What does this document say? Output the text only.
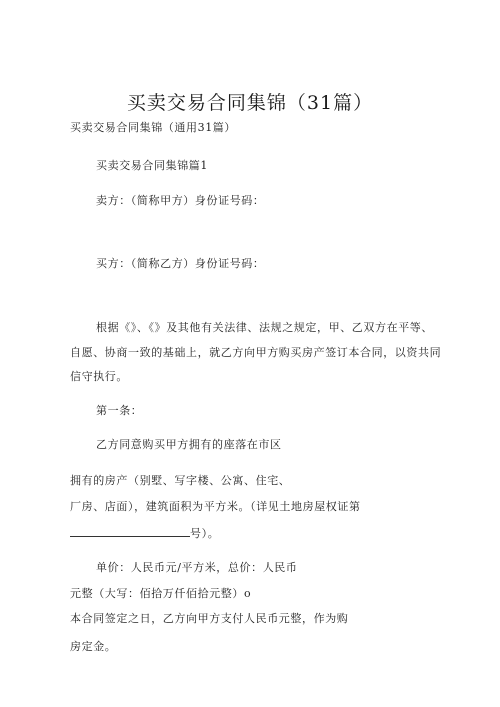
买卖交易合同集锦（31篇）
买卖交易合同集锦（通用31篇）
买卖交易合同集锦篇1
卖方：（简称甲方）身份证号码：
买方：（简称乙方）身份证号码：
根据《》、《》及其他有关法律、法规之规定，甲、乙双方在平等、
自愿、协商一致的基础上，就乙方向甲方购买房产签订本合同，以资共同
信守执行。
第一条：
乙方同意购买甲方拥有的座落在市区
拥有的房产（别墅、写字楼、公寓、住宅、
厂房、店面），建筑面积为平方米。（详见土地房屋权证第
号）。
单价：人民币元/平方米，总价：人民币
元整（大写：佰拾万仟佰拾元整）o
本合同签定之日，乙方向甲方支付人民币元整，作为购
房定金。
